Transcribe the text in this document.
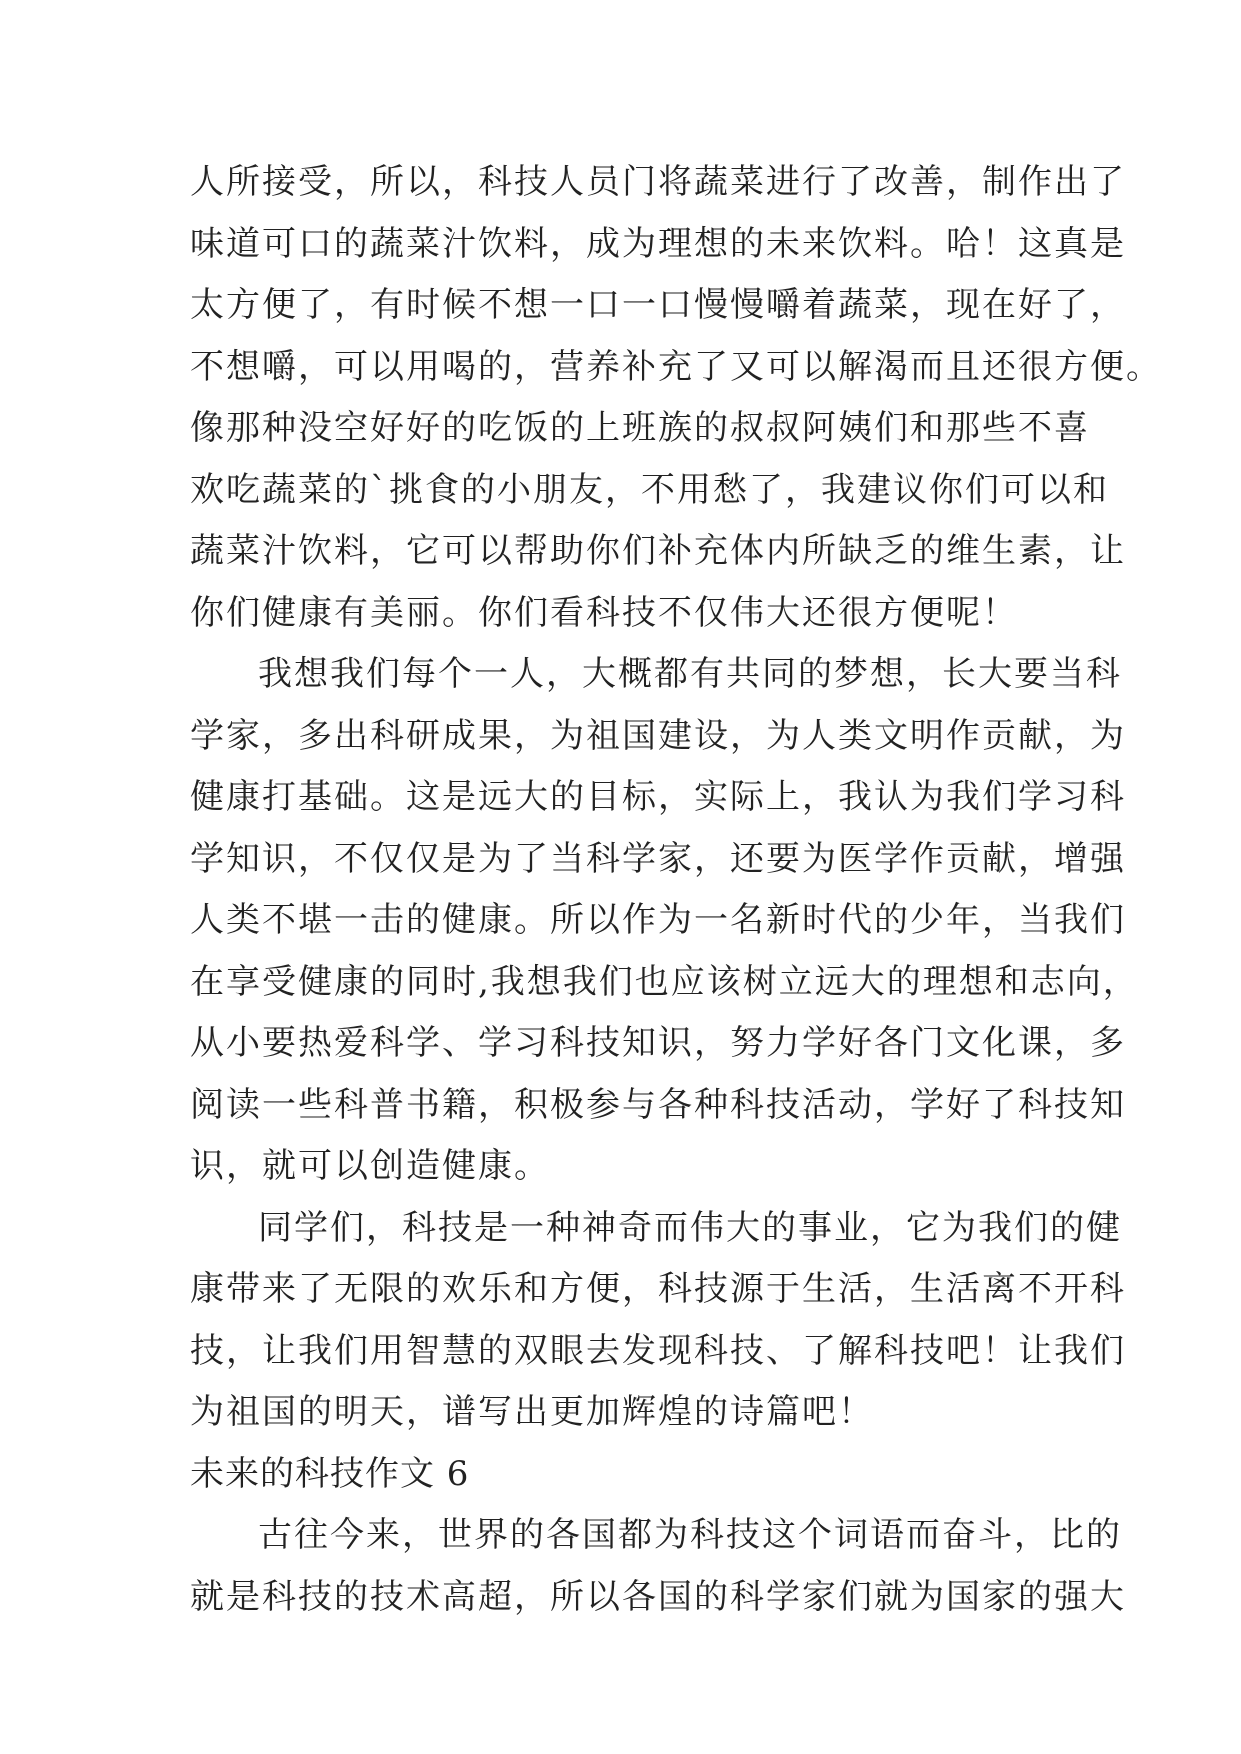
人所接受，所以，科技人员门将蔬菜进行了改善，制作出了
味道可口的蔬菜汁饮料，成为理想的未来饮料。哈！这真是
太方便了，有时候不想一口一口慢慢嚼着蔬菜，现在好了，
不想嚼，可以用喝的，营养补充了又可以解渴而且还很方便。
像那种没空好好的吃饭的上班族的叔叔阿姨们和那些不喜
欢吃蔬菜的`挑食的小朋友，不用愁了，我建议你们可以和
蔬菜汁饮料，它可以帮助你们补充体内所缺乏的维生素，让
你们健康有美丽。你们看科技不仅伟大还很方便呢！
我想我们每个一人，大概都有共同的梦想，长大要当科
学家，多出科研成果，为祖国建设，为人类文明作贡献，为
健康打基础。这是远大的目标，实际上，我认为我们学习科
学知识，不仅仅是为了当科学家，还要为医学作贡献，增强
人类不堪一击的健康。所以作为一名新时代的少年，当我们
在享受健康的同时,我想我们也应该树立远大的理想和志向，
从小要热爱科学、学习科技知识，努力学好各门文化课，多
阅读一些科普书籍，积极参与各种科技活动，学好了科技知
识，就可以创造健康。
同学们，科技是一种神奇而伟大的事业，它为我们的健
康带来了无限的欢乐和方便，科技源于生活，生活离不开科
技，让我们用智慧的双眼去发现科技、了解科技吧！让我们
为祖国的明天，谱写出更加辉煌的诗篇吧！
未来的科技作文 6
古往今来，世界的各国都为科技这个词语而奋斗，比的
就是科技的技术高超，所以各国的科学家们就为国家的强大
